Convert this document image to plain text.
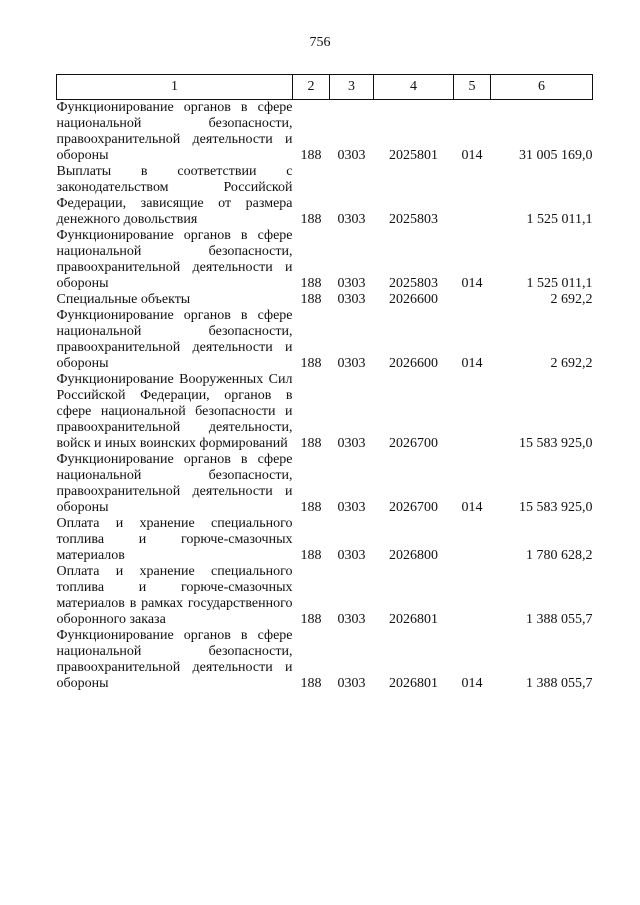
756
1	2	3	4	5	6
Функционирование органов в сфере национальной безопасности, правоохранительной деятельности и обороны	188	0303	2025801	014	31 005 169,0
Выплаты в соответствии с законодательством Российской Федерации, зависящие от размера денежного довольствия	188	0303	2025803		1 525 011,1
Функционирование органов в сфере национальной безопасности, правоохранительной деятельности и обороны	188	0303	2025803	014	1 525 011,1
Специальные объекты	188	0303	2026600		2 692,2
Функционирование органов в сфере национальной безопасности, правоохранительной деятельности и обороны	188	0303	2026600	014	2 692,2
Функционирование Вооруженных Сил Российской Федерации, органов в сфере национальной безопасности и правоохранительной деятельности, войск и иных воинских формирований	188	0303	2026700		15 583 925,0
Функционирование органов в сфере национальной безопасности, правоохранительной деятельности и обороны	188	0303	2026700	014	15 583 925,0
Оплата и хранение специального топлива и горюче-смазочных материалов	188	0303	2026800		1 780 628,2
Оплата и хранение специального топлива и горюче-смазочных материалов в рамках государственного оборонного заказа	188	0303	2026801		1 388 055,7
Функционирование органов в сфере национальной безопасности, правоохранительной деятельности и обороны	188	0303	2026801	014	1 388 055,7
